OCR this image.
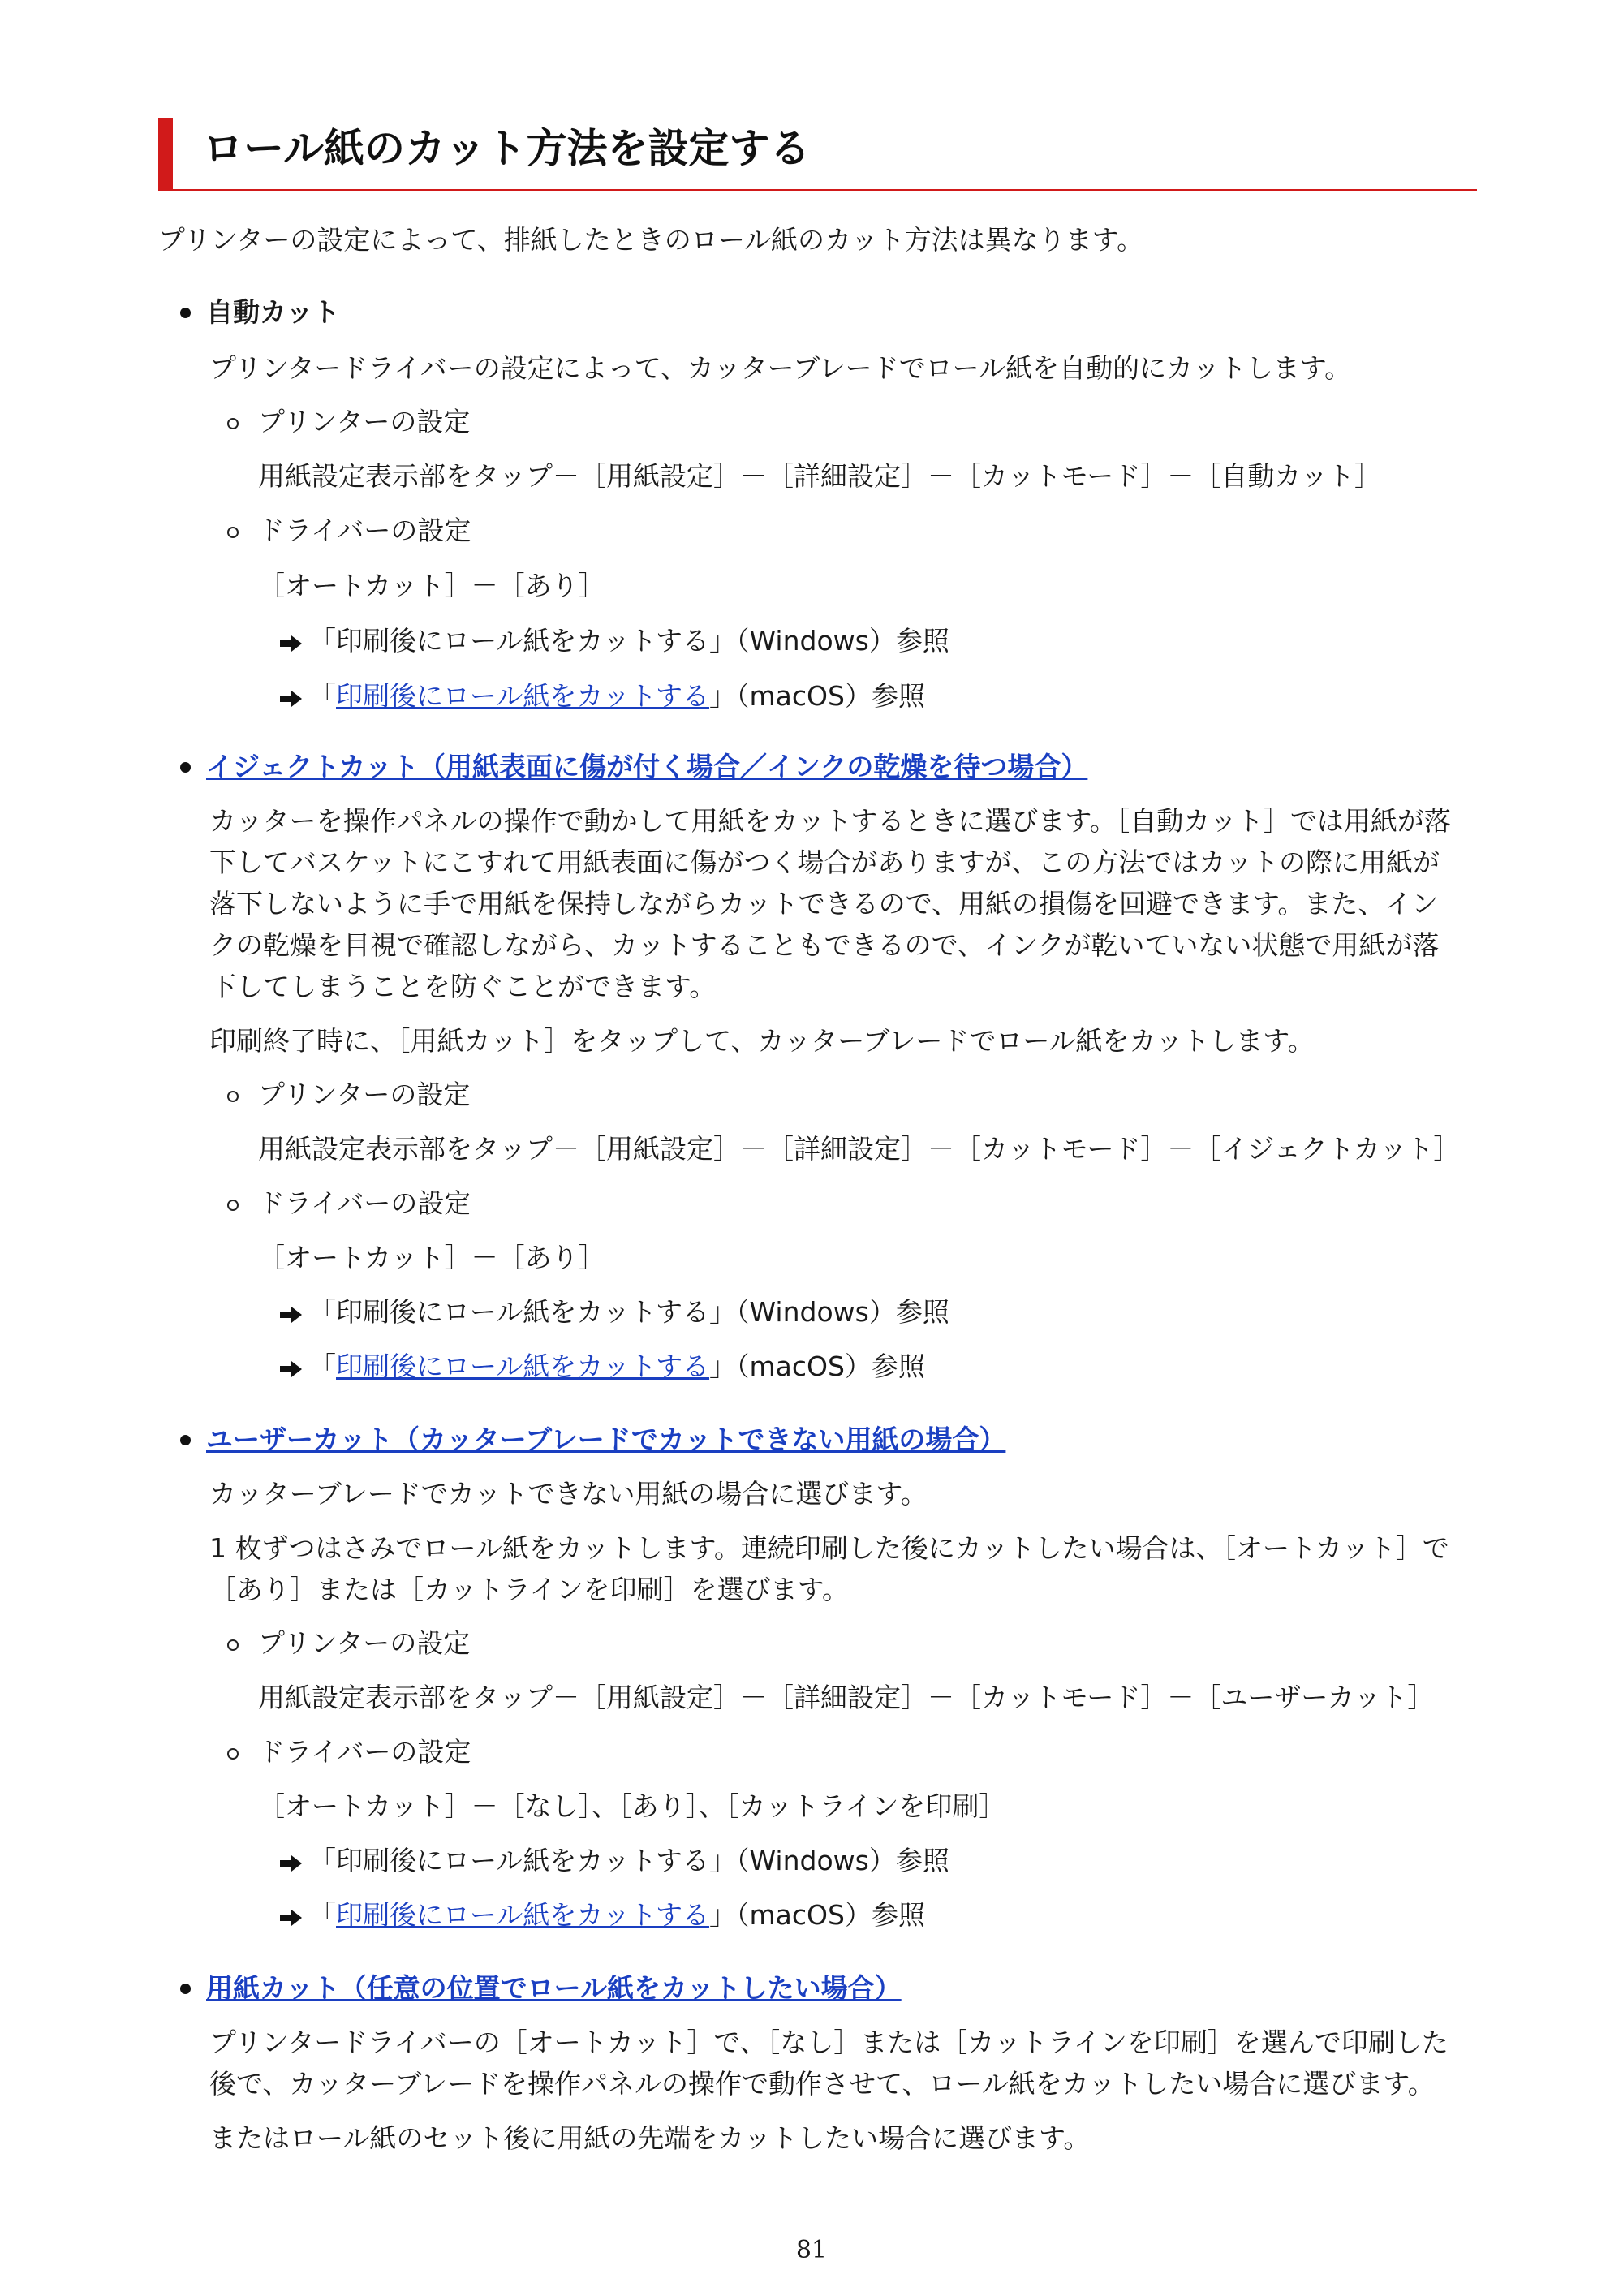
ロール紙のカット方法を設定する
プリンターの設定によって、排紙したときのロール紙のカット方法は異なります。
自動カット
プリンタードライバーの設定によって、カッターブレードでロール紙を自動的にカットします。
プリンターの設定
用紙設定表示部をタップ－［用紙設定］－［詳細設定］－［カットモード］－［自動カット］
ドライバーの設定
［オートカット］－［あり］
「印刷後にロール紙をカットする」（Windows）参照
「印刷後にロール紙をカットする」（macOS）参照
イジェクトカット（用紙表面に傷が付く場合／インクの乾燥を待つ場合）
カッターを操作パネルの操作で動かして用紙をカットするときに選びます。［自動カット］では用紙が落
下してバスケットにこすれて用紙表面に傷がつく場合がありますが、この方法ではカットの際に用紙が
落下しないように手で用紙を保持しながらカットできるので、用紙の損傷を回避できます。また、イン
クの乾燥を目視で確認しながら、カットすることもできるので、インクが乾いていない状態で用紙が落
下してしまうことを防ぐことができます。
印刷終了時に、［用紙カット］をタップして、カッターブレードでロール紙をカットします。
プリンターの設定
用紙設定表示部をタップ－［用紙設定］－［詳細設定］－［カットモード］－［イジェクトカット］
ドライバーの設定
［オートカット］－［あり］
「印刷後にロール紙をカットする」（Windows）参照
「印刷後にロール紙をカットする」（macOS）参照
ユーザーカット（カッターブレードでカットできない用紙の場合）
カッターブレードでカットできない用紙の場合に選びます。
1 枚ずつはさみでロール紙をカットします。連続印刷した後にカットしたい場合は、［オートカット］で
［あり］または［カットラインを印刷］を選びます。
プリンターの設定
用紙設定表示部をタップ－［用紙設定］－［詳細設定］－［カットモード］－［ユーザーカット］
ドライバーの設定
［オートカット］－［なし］、［あり］、［カットラインを印刷］
「印刷後にロール紙をカットする」（Windows）参照
「印刷後にロール紙をカットする」（macOS）参照
用紙カット（任意の位置でロール紙をカットしたい場合）
プリンタードライバーの［オートカット］で、［なし］または［カットラインを印刷］を選んで印刷した
後で、カッターブレードを操作パネルの操作で動作させて、ロール紙をカットしたい場合に選びます。
またはロール紙のセット後に用紙の先端をカットしたい場合に選びます。
81
